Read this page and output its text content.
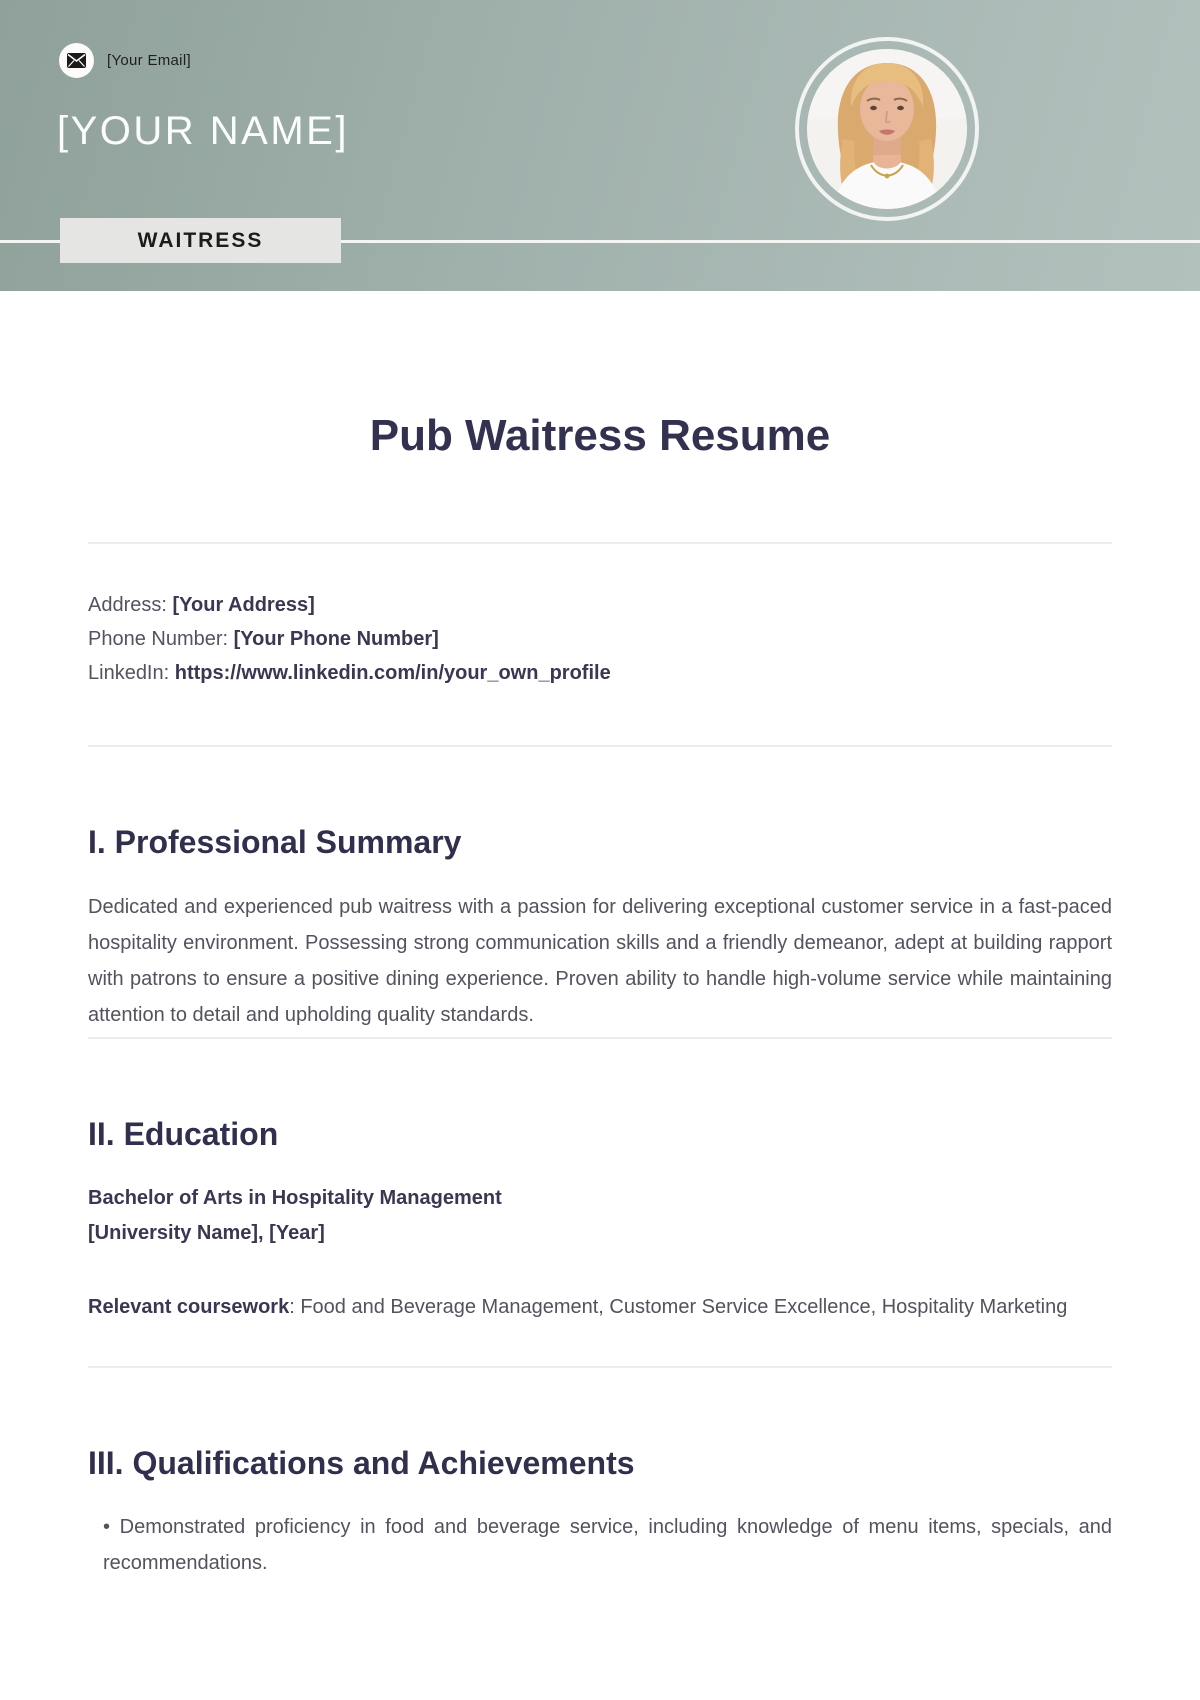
[Your Email]
[YOUR NAME]
WAITRESS
Pub Waitress Resume
Address: [Your Address]
Phone Number: [Your Phone Number]
LinkedIn: https://www.linkedin.com/in/your_own_profile
I. Professional Summary

Dedicated and experienced pub waitress with a passion for delivering exceptional customer service in a fast-paced hospitality environment. Possessing strong communication skills and a friendly demeanor, adept at building rapport with patrons to ensure a positive dining experience. Proven ability to handle high-volume service while maintaining attention to detail and upholding quality standards.

II. Education
Bachelor of Arts in Hospitality Management
[University Name], [Year]

Relevant coursework: Food and Beverage Management, Customer Service Excellence, Hospitality Marketing

III. Qualifications and Achievements
• Demonstrated proficiency in food and beverage service, including knowledge of menu items, specials, and recommendations.
